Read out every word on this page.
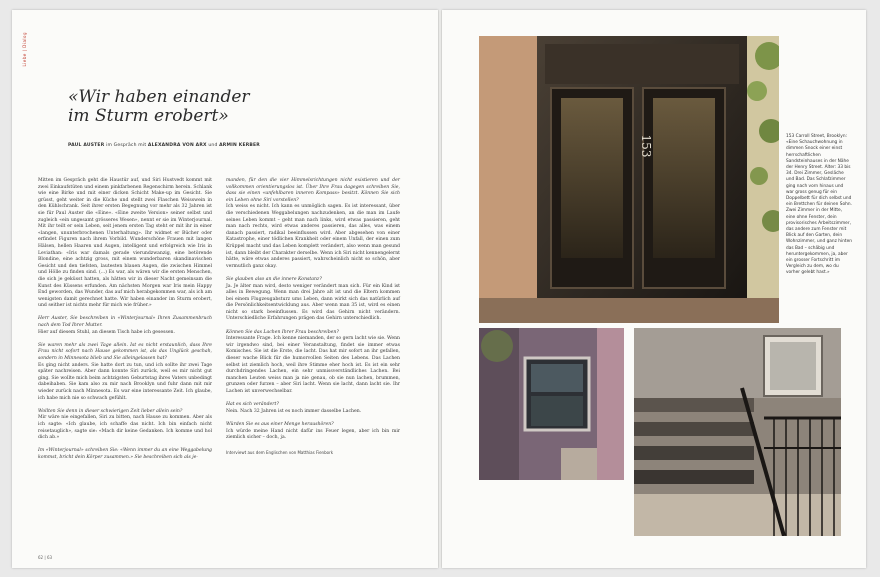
Liebe | Dialog
«Wir haben einander
im Sturm erobert»
PAUL AUSTER im Gespräch mit ALEXANDRA VON ARX und ARMIN KERBER

Mitten im Gespräch geht die Haustür auf, und Siri Hustvedt kommt mit zwei Einkaufstüten und einem pinkfarbenen Regenschirm herein. Schlank wie eine Birke und mit einer dicken Schicht Make-up im Gesicht. Sie grüsst, geht weiter in die Küche und stellt zwei Flaschen Weisswein in den Kühlschrank. Seit ihrer ersten Begegnung vor mehr als 32 Jahren ist sie für Paul Auster die «Eine». «Eine zweite Version» seiner selbst und zugleich «ein ungesamt grösseres Wesen», nennt er sie im Winterjournal. Mit ihr teilt er sein Leben, seit jenem ersten Tag steht er mit ihr in einer «langen, ununterbrochenen Unterhaltung». Ihr widmet er Bücher oder erfindet Figuren nach ihrem Vorbild. Wunderschöne Frauen mit langen Hälsen, hellen Haaren und Augen, intelligent und erfolgreich wie Iris in Leviathan: «Iris war damals gerade vierundzwanzig, eine betörende Blondine, eine achtzig gross, mit einem wunderbaren skandinavischen Gesicht und den tiefsten, lautesten blauen Augen, die zwischen Himmel und Hölle zu finden sind. (...) Es war, als wären wir die ersten Menschen, die sich je geküsst hatten, als hätten wir in dieser Nacht gemeinsam die Kunst des Küssens erfunden. Am nächsten Morgen war Iris mein Happy End geworden, das Wunder, das auf mich herabgekommen war, als ich am wenigsten damit gerechnet hatte. Wir haben einander im Sturm erobert, und seither ist nichts mehr für mich wie früher.»

Herr Auster, Sie beschreiben in «Winterjournal» Ihren Zusammenbruch nach dem Tod Ihrer Mutter.

Hier auf diesem Stuhl, an diesem Tisch habe ich gesessen.

Sie waren mehr als zwei Tage allein. Ist es nicht erstaunlich, dass Ihre Frau nicht sofort nach Hause gekommen ist, als das Unglück geschah, sondern in Minnesota blieb und Sie alleingelassen hat?

Es ging nicht anders. Sie hatte dort zu tun, und ich sollte ihr zwei Tage später nachreisen. Aber dann konnte Siri zurück, weil es mir nicht gut ging. Sie wollte mich beim achtzigsten Geburtstag ihres Vaters unbedingt dabeihaben. Sie kam also zu mir nach Brooklyn und fuhr dann mit mir wieder zurück nach Minnesota. Es war eine interessante Zeit. Ich glaube, ich habe mich nie so schwach gefühlt.

Wollten Sie denn in dieser schwierigen Zeit lieber allein sein?

Mir wäre nie eingefallen, Siri zu bitten, nach Hause zu kommen. Aber als ich sagte: «Ich glaube, ich schaffe das nicht. Ich bin einfach nicht reisetauglich», sagte sie: «Mach dir keine Gedanken. Ich komme und hol dich ab.»

Im «Winterjournal» schreiben Sie: «Wenn immer du an eine Weggabelung kommst, bricht dein Körper zusammen.» Sie beschreiben sich als je-

manden, für den die vier Himmelsrichtungen nicht existieren und der vollkommen orientierungslos ist. Über Ihre Frau dagegen schreiben Sie, dass sie einen «unfehlbaren inneren Kompass» besitzt. Können Sie sich ein Leben ohne Siri vorstellen?

Ich weiss es nicht. Ich kann es unmöglich sagen. Es ist interessant, über die verschiedenen Weggabelungen nachzudenken, an die man im Laufe seines Leben kommt – geht man nach links, wird etwas passieren, geht man nach rechts, wird etwas anderes passieren, das alles, was einem danach passiert, radikal beeinflussen wird. Aber abgesehen von einer Katastrophe, einer tödlichen Krankheit oder einem Unfall, der einen zum Krüppel macht und das Leben komplett verändert, also wenn man gesund ist, dann bleibt der Charakter derselbe. Wenn ich Siri nicht kennengelernt hätte, wäre etwas anderes passiert, wahrscheinlich nicht so schön, aber vermutlich ganz okay.

Sie glauben also an die innere Konstanz?

Ja. Je älter man wird, desto weniger verändert man sich. Für ein Kind ist alles in Bewegung. Wenn man drei Jahre alt ist und die Eltern kommen bei einem Flugzeugabsturz ums Leben, dann wirkt sich das natürlich auf die Persönlichkeitsentwicklung aus. Aber wenn man 35 ist, wird es einen nicht so stark beeinflussen. Es wird das Gehirn nicht verändern. Unterschiedliche Erfahrungen prägen das Gehirn unterschiedlich.

Können Sie das Lachen Ihrer Frau beschreiben?

Interessante Frage. Ich kenne niemanden, der so gern lacht wie sie. Wenn wir irgendwo sind, bei einer Veranstaltung, findet sie immer etwas Komisches. Sie ist die Erste, die lacht. Das hat mir sofort an ihr gefallen, dieser wache Blick für die humorvollen Seiten des Lebens. Das Lachen selbst ist ziemlich hoch, weil ihre Stimme eher hoch ist. Es ist ein sehr durchdringendes Lachen, ein sehr unmissverständliches Lachen. Bei manchen Leuten weiss man ja nie genau, ob sie nun lachen, brummen, grunzen oder furzen – aber Siri lacht. Wenn sie lacht, dann lacht sie. Ihr Lachen ist unverwechselbar.

Hat es sich verändert?

Nein. Nach 32 Jahren ist es noch immer dasselbe Lachen.

Würden Sie es aus einer Menge heraushören?

Ich würde meine Hand nicht dafür ins Feuer legen, aber ich bin mir ziemlich sicher – doch, ja.

Interviewt aus dem Englischen von Matthias Fienbork
62 | 63
153	153 Carroll Street, Brooklyn: «Eine Schauchwohnung in dimmen Snock einer einst herrschaftlichen Sandsteinhauses in der Nähe der Henry Street. Alter: 33 bis 34. Drei Zimmer, Gesläche und Bad. Das Schlafzimmer ging nach vorn hinaus und war gross genug für ein Doppelbett für dich selbst und ein Brettchen für deinen Sohn. Zwei Zimmer in der Mitte, eine ohne Fenster, dein provisorisches Arbeitszimmer, das andere zum Fenster mit Blick auf den Garten, dein Wohnzimmer, und ganz hinten das Bad – schäbig und heruntergekommen, ja, aber ein grosser Fortschritt im Vergleich zu dem, wo du vorher gelebt hast.»
